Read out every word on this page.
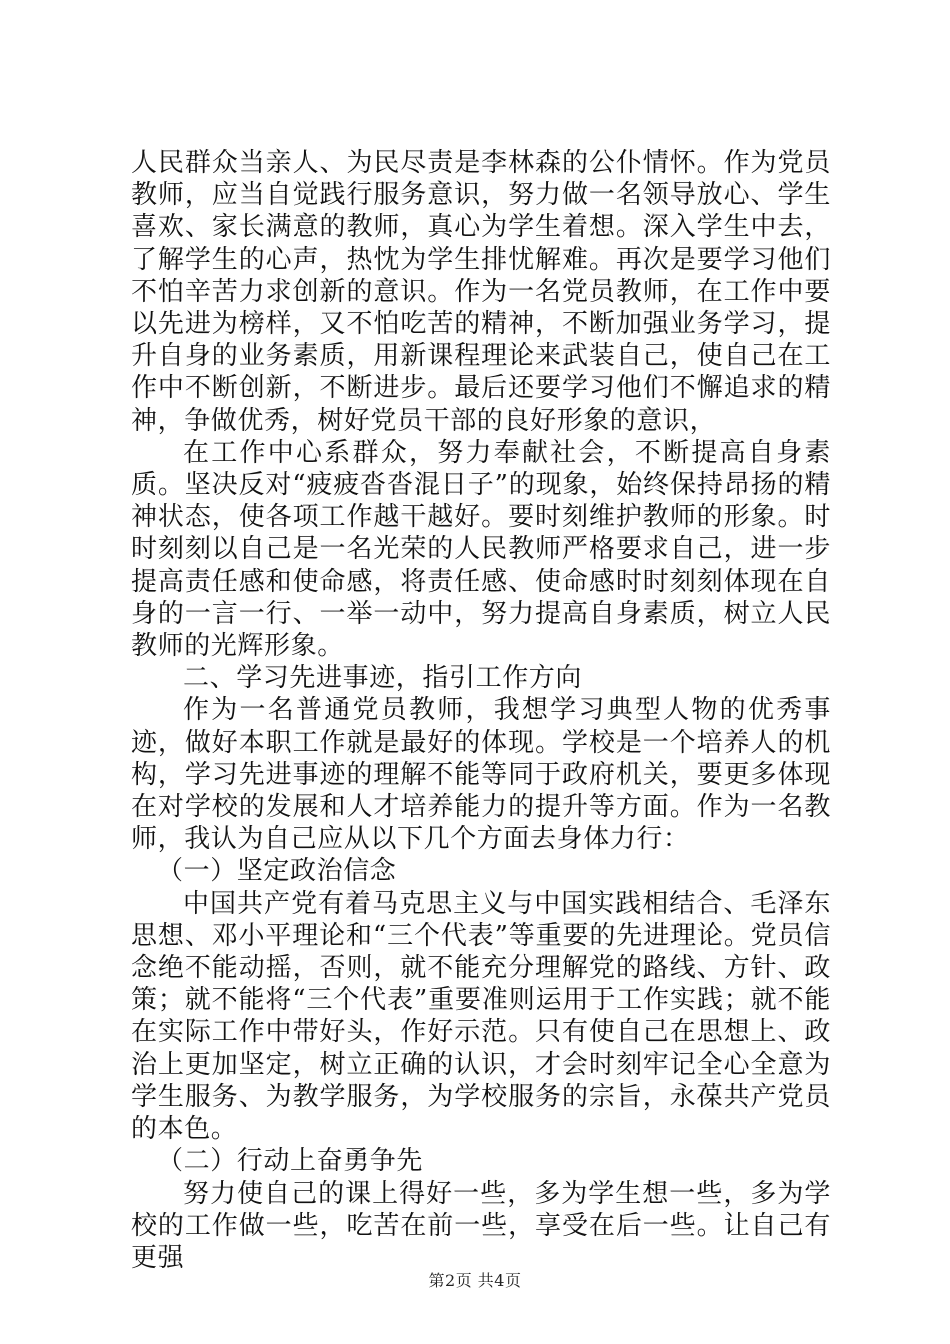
人民群众当亲人、为民尽责是李林森的公仆情怀。作为党员教师，应当自觉践行服务意识，努力做一名领导放心、学生喜欢、家长满意的教师，真心为学生着想。深入学生中去，了解学生的心声，热忱为学生排忧解难。再次是要学习他们不怕辛苦力求创新的意识。作为一名党员教师，在工作中要以先进为榜样，又不怕吃苦的精神，不断加强业务学习，提升自身的业务素质，用新课程理论来武装自己，使自己在工作中不断创新，不断进步。最后还要学习他们不懈追求的精神，争做优秀，树好党员干部的良好形象的意识，

在工作中心系群众，努力奉献社会，不断提高自身素质。坚决反对“疲疲沓沓混日子”的现象，始终保持昂扬的精神状态，使各项工作越干越好。要时刻维护教师的形象。时时刻刻以自己是一名光荣的人民教师严格要求自己，进一步提高责任感和使命感，将责任感、使命感时时刻刻体现在自身的一言一行、一举一动中，努力提高自身素质，树立人民教师的光辉形象。

二、学习先进事迹，指引工作方向

作为一名普通党员教师，我想学习典型人物的优秀事迹，做好本职工作就是最好的体现。学校是一个培养人的机构，学习先进事迹的理解不能等同于政府机关，要更多体现在对学校的发展和人才培养能力的提升等方面。作为一名教师，我认为自己应从以下几个方面去身体力行：

（一）坚定政治信念

中国共产党有着马克思主义与中国实践相结合、毛泽东思想、邓小平理论和“三个代表”等重要的先进理论。党员信念绝不能动摇，否则，就不能充分理解党的路线、方针、政策；就不能将“三个代表”重要准则运用于工作实践；就不能在实际工作中带好头，作好示范。只有使自己在思想上、政治上更加坚定，树立正确的认识，才会时刻牢记全心全意为学生服务、为教学服务，为学校服务的宗旨，永葆共产党员的本色。

（二）行动上奋勇争先

努力使自己的课上得好一些，多为学生想一些，多为学校的工作做一些，吃苦在前一些，享受在后一些。让自己有更强

第2页 共4页
